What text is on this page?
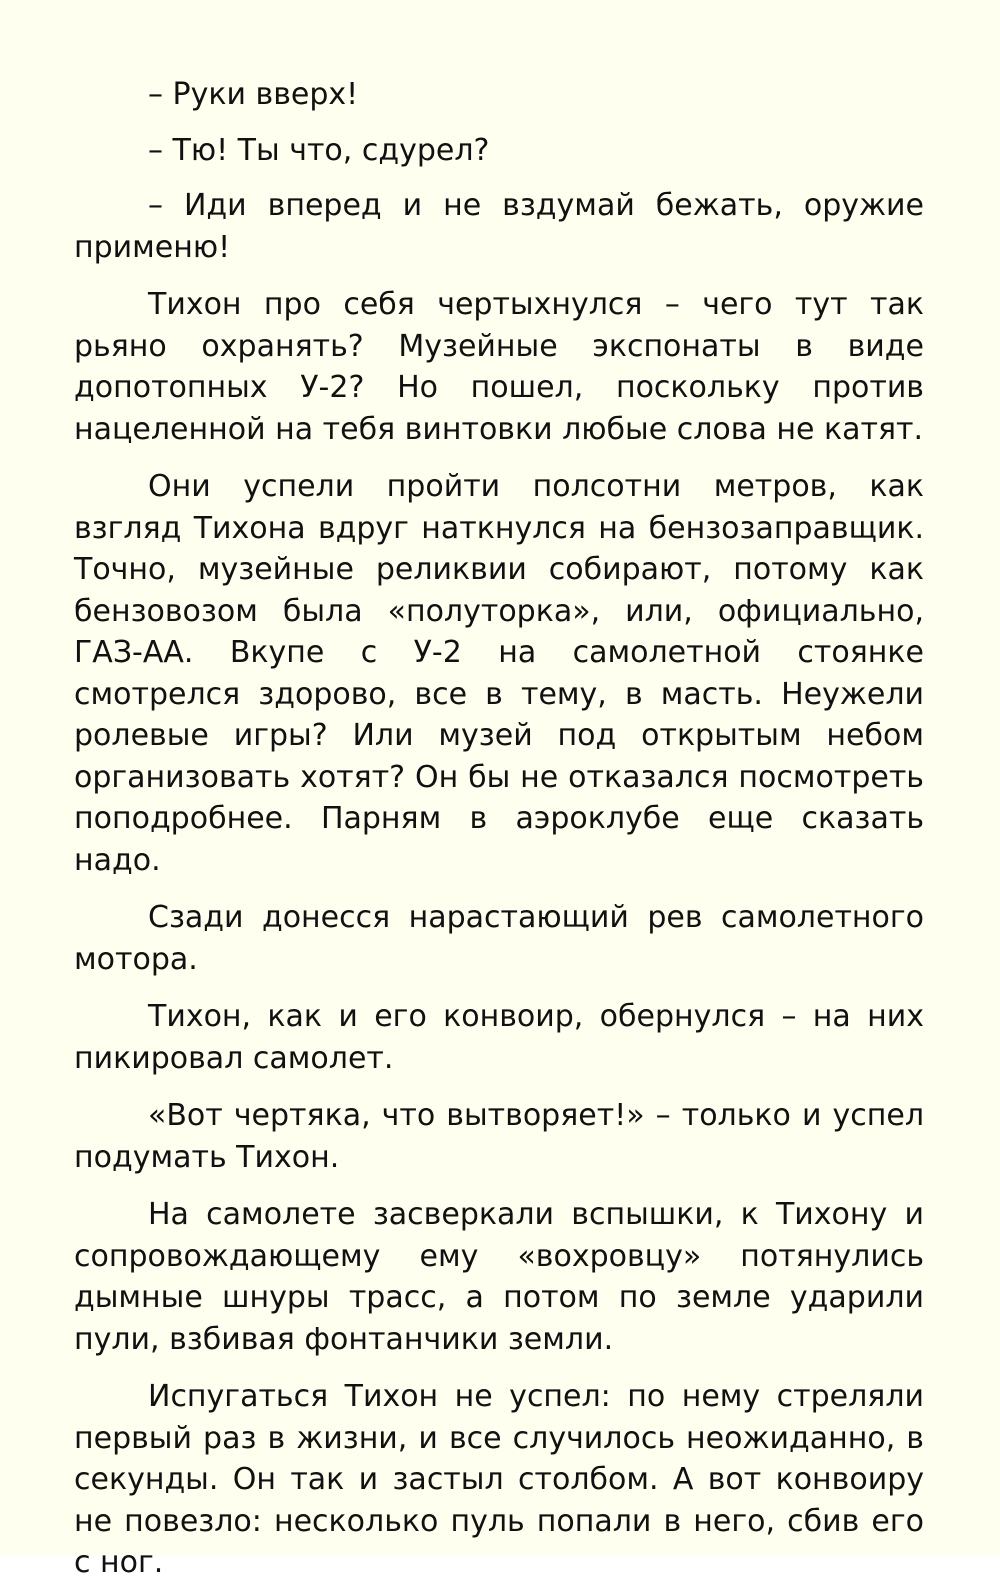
– Руки вверх!

– Тю! Ты что, сдурел?

– Иди вперед и не вздумай бежать, оружие применю!

Тихон про себя чертыхнулся – чего тут так рьяно охранять? Музейные экспонаты в виде допотопных У-2? Но пошел, поскольку против нацеленной на тебя винтовки любые слова не катят.

Они успели пройти полсотни метров, как взгляд Тихона вдруг наткнулся на бензозаправщик. Точно, музейные реликвии собирают, потому как бензовозом была «полуторка», или, официально, ГАЗ-АА. Вкупе с У-2 на самолетной стоянке смотрелся здорово, все в тему, в масть. Неужели ролевые игры? Или музей под открытым небом организовать хотят? Он бы не отказался посмотреть поподробнее. Парням в аэроклубе еще сказать надо.

Сзади донесся нарастающий рев самолетного мотора.

Тихон, как и его конвоир, обернулся – на них пикировал самолет.

«Вот чертяка, что вытворяет!» – только и успел подумать Тихон.

На самолете засверкали вспышки, к Тихону и сопровождающему ему «вохровцу» потянулись дымные шнуры трасс, а потом по земле ударили пули, взбивая фонтанчики земли.

Испугаться Тихон не успел: по нему стреляли первый раз в жизни, и все случилось неожиданно, в секунды. Он так и застыл столбом. А вот конвоиру не повезло: несколько пуль попали в него, сбив его с ног.
